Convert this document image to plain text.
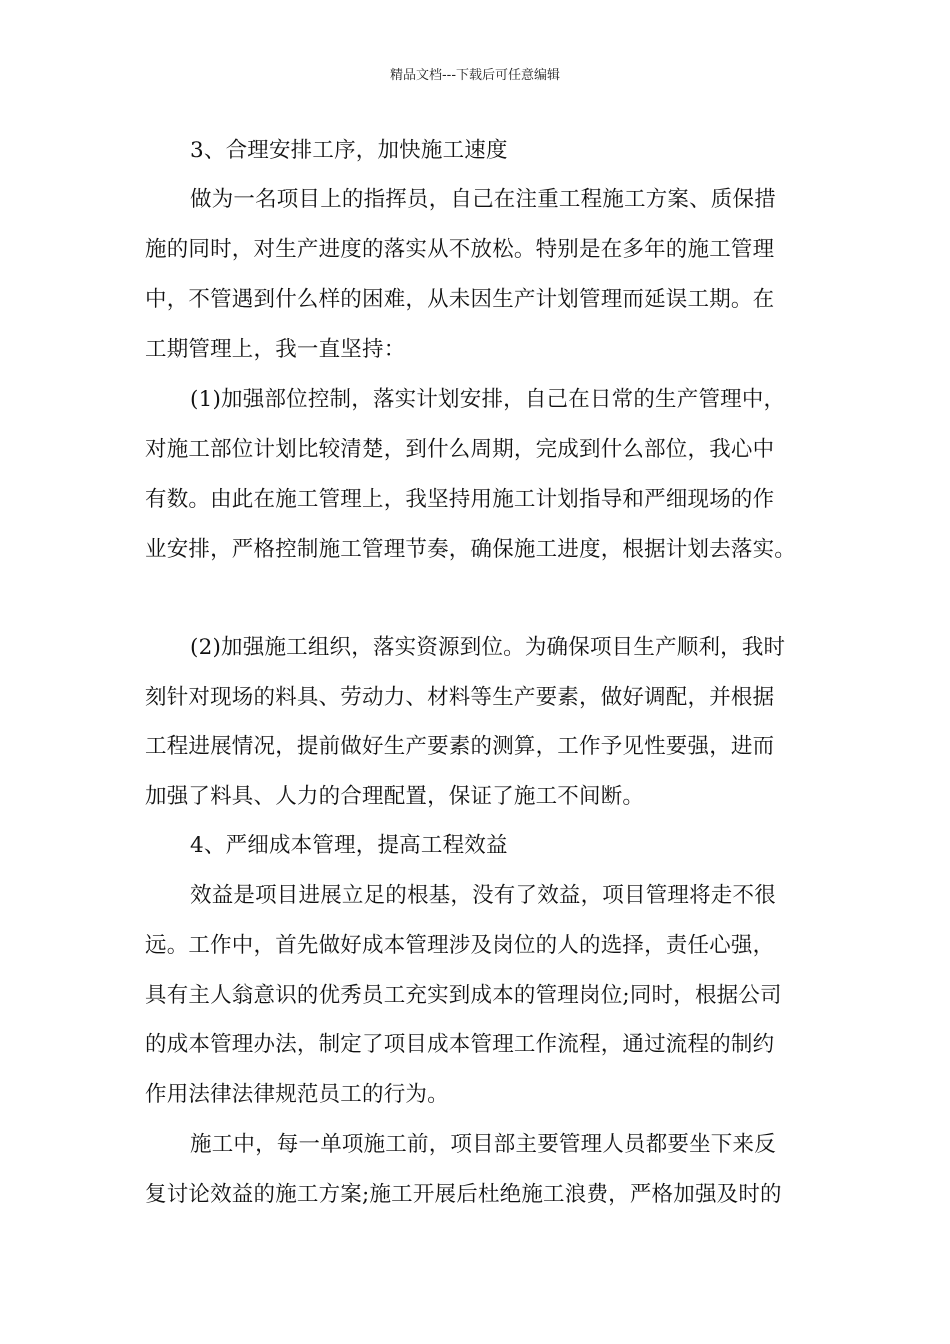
精品文档---下载后可任意编辑
3、合理安排工序，加快施工速度
做为一名项目上的指挥员，自己在注重工程施工方案、质保措
施的同时，对生产进度的落实从不放松。特别是在多年的施工管理
中，不管遇到什么样的困难，从未因生产计划管理而延误工期。在
工期管理上，我一直坚持：
(1)加强部位控制，落实计划安排，自己在日常的生产管理中，
对施工部位计划比较清楚，到什么周期，完成到什么部位，我心中
有数。由此在施工管理上，我坚持用施工计划指导和严细现场的作
业安排，严格控制施工管理节奏，确保施工进度，根据计划去落实。
(2)加强施工组织，落实资源到位。为确保项目生产顺利，我时
刻针对现场的料具、劳动力、材料等生产要素，做好调配，并根据
工程进展情况，提前做好生产要素的测算，工作予见性要强，进而
加强了料具、人力的合理配置，保证了施工不间断。
4、严细成本管理，提高工程效益
效益是项目进展立足的根基，没有了效益，项目管理将走不很
远。工作中，首先做好成本管理涉及岗位的人的选择，责任心强，
具有主人翁意识的优秀员工充实到成本的管理岗位;同时，根据公司
的成本管理办法，制定了项目成本管理工作流程，通过流程的制约
作用法律法律规范员工的行为。
施工中，每一单项施工前，项目部主要管理人员都要坐下来反
复讨论效益的施工方案;施工开展后杜绝施工浪费，严格加强及时的
